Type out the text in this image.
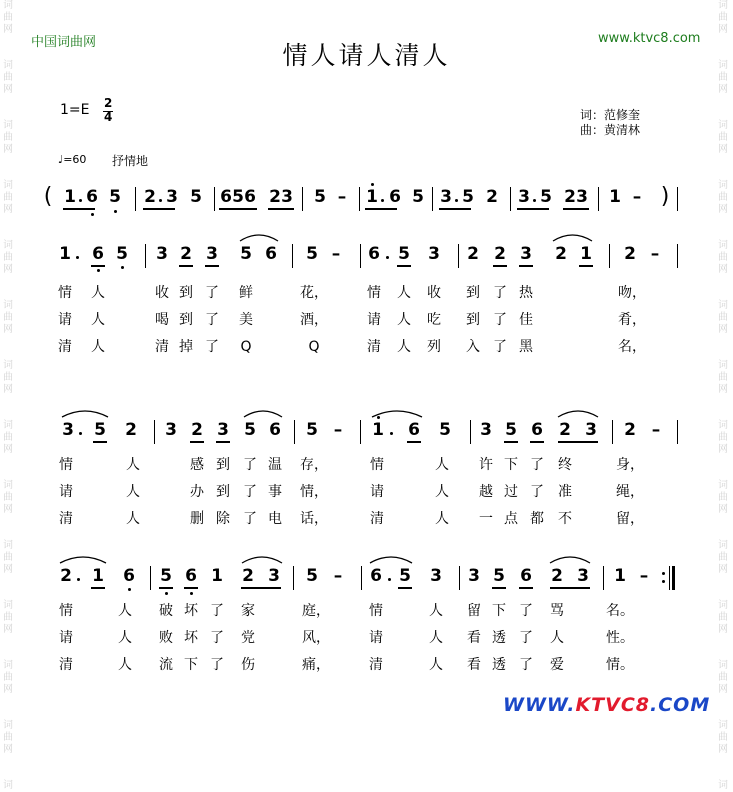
词
曲
网

词
曲
网

词
曲
网

词
曲
网

词
曲
网

词
曲
网

词
曲
网

词
曲
网

词
曲
网

词
曲
网

词
曲
网

词
曲
网

词
曲
网

词

词
曲
网

词
曲
网

词
曲
网

词
曲
网

词
曲
网

词
曲
网

词
曲
网

词
曲
网

词
曲
网

词
曲
网

词
曲
网

词
曲
网

词
曲
网

词

中国词曲网	www.ktvc8.com
情人请人清人
1=E 2
4	词：范修奎
曲：黄清林
♩=60 抒情地
( 1 6 5 2 3 5 6 5 6 2 3 5 – 1 6 5 3 5 2 3 5 2 3 1 – )
1 6 5 3 2 3 5 6 5 – 6 5 3 2 2 3 2 1 2 –
情 人	收 到 了 鲜	花，	情 人 收 到 了 热	吻，
请 人	喝 到 了 美	酒，	请 人 吃 到 了 佳	肴，
清 人	清 掉 了 Q	Q	清 人 列 入 了 黑	名，
3 5 2 3 2 3 5 6 5 – 1 6 5 3 5 6 2 3 2 –
情	人	感 到 了 温 存，	情	人 许 下 了 终	身，
请	人	办 到 了 事 情，	请	人 越 过 了 准	绳，
清	人	删 除 了 电 话，	清	人 一 点 都 不	留，
2 1 6 5 6 1 2 3 5 – 6 5 3 3 5 6 2 3 1 –
情	人 破 坏 了 家	庭，	情	人 留 下 了 骂	名。
请	人 败 坏 了 党	风，	请	人 看 透 了 人	性。
清	人 流 下 了 伤	痛，	清	人 看 透 了 爱	情。
WWW.KTVC8.COM
